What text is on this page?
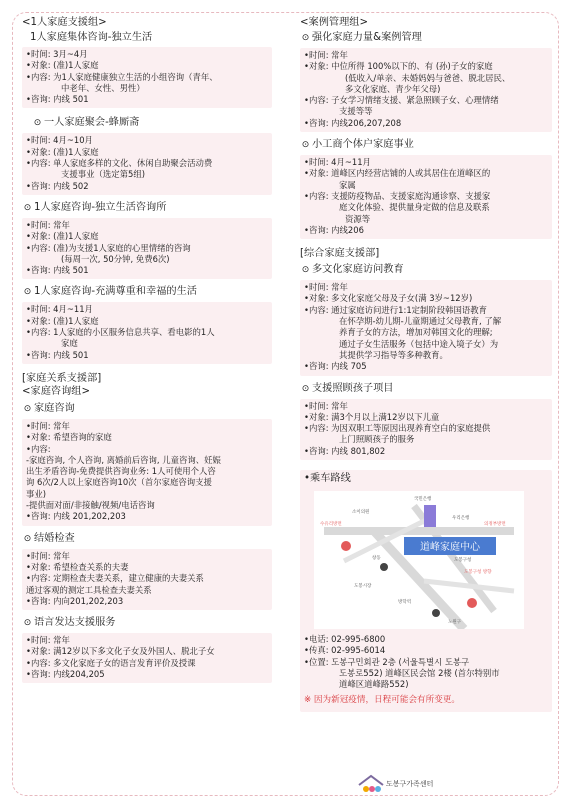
<1人家庭支援组>
1人家庭集体咨询-独立生活
•时间: 3月~4月
•对象: (准)1人家庭
•内容: 为1人家庭健康独立生活的小组咨询（青年、
中老年、女性、男性）
•咨询: 内线 501
⊙ 一人家庭聚会-蜂厮斋
•时间: 4月~10月
•对象: (准)1人家庭
•内容: 单人家庭多样的文化、休闲自助聚会活动费
支援事业（选定第5组)
•咨询: 内线 502
⊙ 1人家庭咨询-独立生活咨询所
•时间: 常年
•对象: (准)1人家庭
•内容: (准)为支援1人家庭的心里情绪的咨询
(每周一次, 50分钟, 免费6次)
•咨询: 内线 501
⊙ 1人家庭咨询-充满尊重和幸福的生活
•时间: 4月~11月
•对象: (准)1人家庭
•内容: 1人家庭的小区服务信息共享、看电影的1人
家庭
•咨询: 内线 501
[家庭关系支援部]
<家庭咨询组>
⊙ 家庭咨询
•时间: 常年
•对象: 希望咨询的家庭
•内容:
-家庭咨询, 个人咨询, 离婚前后咨询, 儿童咨询、妊娠
出生矛盾咨询-免费提供咨询业务: 1人可使用个人咨
询 6次/2人以上家庭咨询10次（首尔家庭咨询支援
事业)
-提供面对面/非接触/视频/电话咨询
•咨询: 内线 201,202,203
⊙ 结婚检查
•时间: 常年
•对象: 希望检查关系的夫妻
•内容: 定期检查夫妻关系，建立健康的夫妻关系
通过客观的测定工具检查夫妻关系
•咨询: 内向201,202,203
⊙ 语言发达支援服务
•时间: 常年
•对象: 满12岁以下多文化子女及外国人、脱北子女
•内容: 多文化家庭子女的语言发育评价及授课
•咨询: 内线204,205
<案例管理组>
⊙ 强化家庭力量&案例管理
•时间: 常年
•对象: 中位所得 100%以下的、有 (孙)子女的家庭
(低收入/单亲、未婚妈妈与爸爸、脱北居民、
多文化家庭、青少年父母)
•内容: 子女学习情绪支援、紧急照顾子女、心理情绪
支援等等
•咨询: 内线206,207,208
⊙ 小工商个体户家庭事业
•时间: 4月~11月
•对象: 道峰区内经营店铺的人或其居住在道峰区的
家属
•内容: 支援防疫物品、支援家庭沟通诊察、支援家
庭文化体验、提供量身定做的信息及联系
资源等
•咨询: 内线206
[综合家庭支援部]
⊙ 多文化家庭访问教育
•时间: 常年
•对象: 多文化家庭父母及子女(满 3岁~12岁)
•内容: 通过家庭访问进行1:1定制阶段韩国语教育
在怀孕期-幼儿期-儿童期通过父母教育, 了解
养育子女的方法，增加对韩国文化的理解;
通过子女生活服务（包括中途入境子女）为
其提供学习指导等多种教育。
•咨询: 内线 705
⊙ 支援照顾孩子项目
•时间: 常年
•对象: 满3个月以上满12岁以下儿童
•内容: 为因双职工等原因出现养育空白的家庭提供
上门照顾孩子的服务
•咨询: 内线 801,802
•乘车路线
道峰家庭中心
국민은행
소이의원
우리은행
수유리방면	의정부방면
도봉구청 방향
창동
도봉시장
도봉구청
방학역
노원구
•电话: 02-995-6800
•传真: 02-995-6014
•位置: 도봉구민회관 2층 (서울특별시 도봉구
도봉로552) 道峰区民会馆 2楼 (首尔特别市
道峰区道峰路552)
※ 因为新冠疫情，日程可能会有所变更。
도봉구가족센터
